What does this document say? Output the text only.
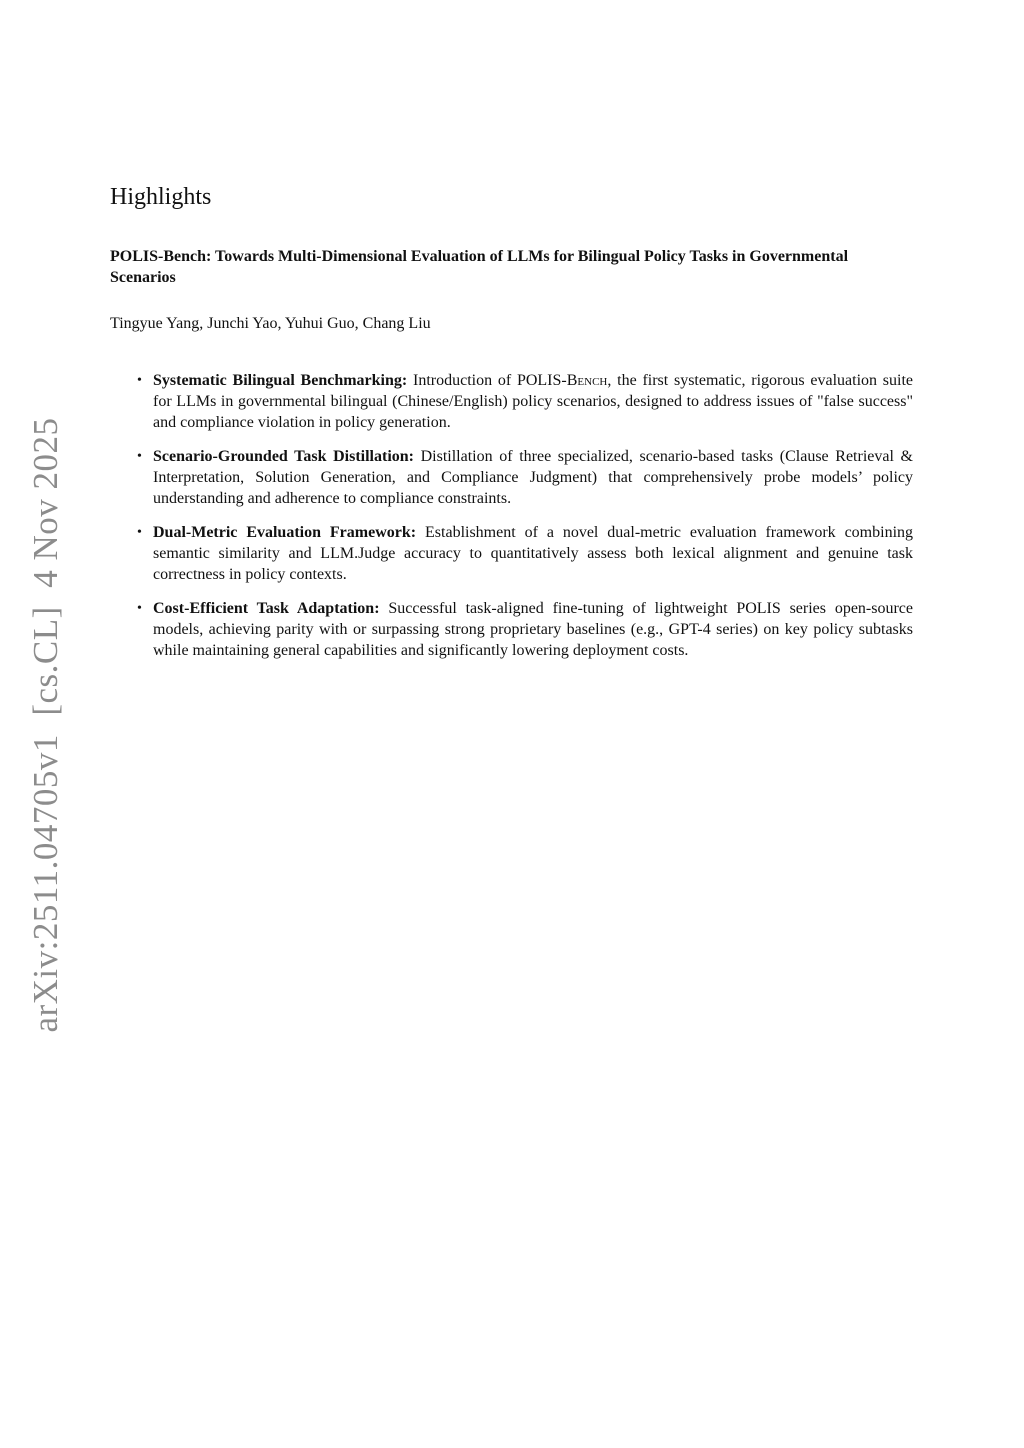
arXiv:2511.04705v1  [cs.CL]  4 Nov 2025
Highlights
POLIS-Bench: Towards Multi-Dimensional Evaluation of LLMs for Bilingual Policy Tasks in Governmental Scenarios
Tingyue Yang, Junchi Yao, Yuhui Guo, Chang Liu
• Systematic Bilingual Benchmarking: Introduction of POLIS-Bench, the first systematic, rigorous evaluation suite for LLMs in governmental bilingual (Chinese/English) policy scenarios, designed to address issues of "false success" and compliance violation in policy generation.
• Scenario-Grounded Task Distillation: Distillation of three specialized, scenario-based tasks (Clause Retrieval & Interpretation, Solution Generation, and Compliance Judgment) that comprehensively probe models’ policy understanding and adherence to compliance constraints.
• Dual-Metric Evaluation Framework: Establishment of a novel dual-metric evaluation framework combining semantic similarity and LLM.Judge accuracy to quantitatively assess both lexical alignment and genuine task correctness in policy contexts.
• Cost-Efficient Task Adaptation: Successful task-aligned fine-tuning of lightweight POLIS series open-source models, achieving parity with or surpassing strong proprietary baselines (e.g., GPT-4 series) on key policy subtasks while maintaining general capabilities and significantly lowering deployment costs.
